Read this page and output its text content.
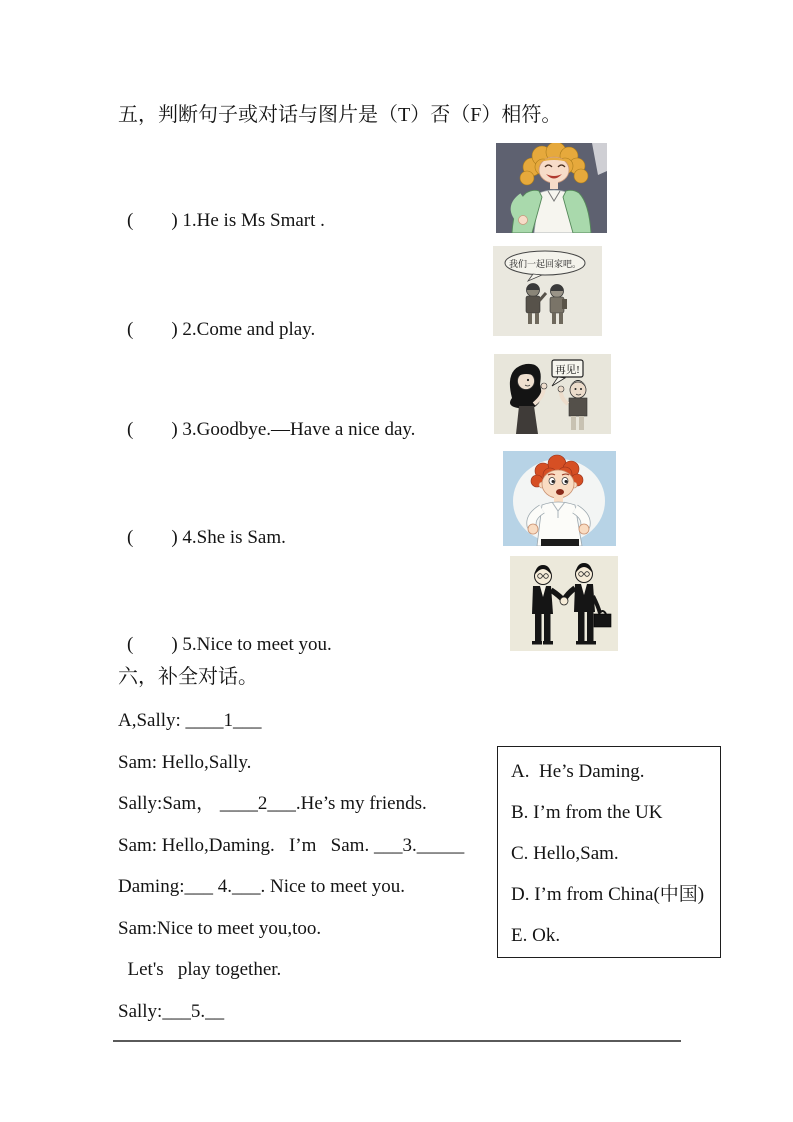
五，判断句子或对话与图片是（T）否（F）相符。
(　　) 1.He is Ms Smart .
(　　) 2.Come and play.
(　　) 3.Goodbye.—Have a nice day.
(　　) 4.She is Sam.
(　　) 5.Nice to meet you.
我们一起回家吧。
再见!
六，补全对话。
A,Sally: ____1___
Sam: Hello,Sally.
Sally:Sam， ____2___.He’s my friends.
Sam: Hello,Daming.   I’m   Sam. ___3._____
Daming:___ 4.___. Nice to meet you.
Sam:Nice to meet you,too.
Let's   play together.
Sally:___5.__

A.  He’s Daming.

B. I’m from the UK

C. Hello,Sam.

D. I’m from China(中国)

E. Ok.
